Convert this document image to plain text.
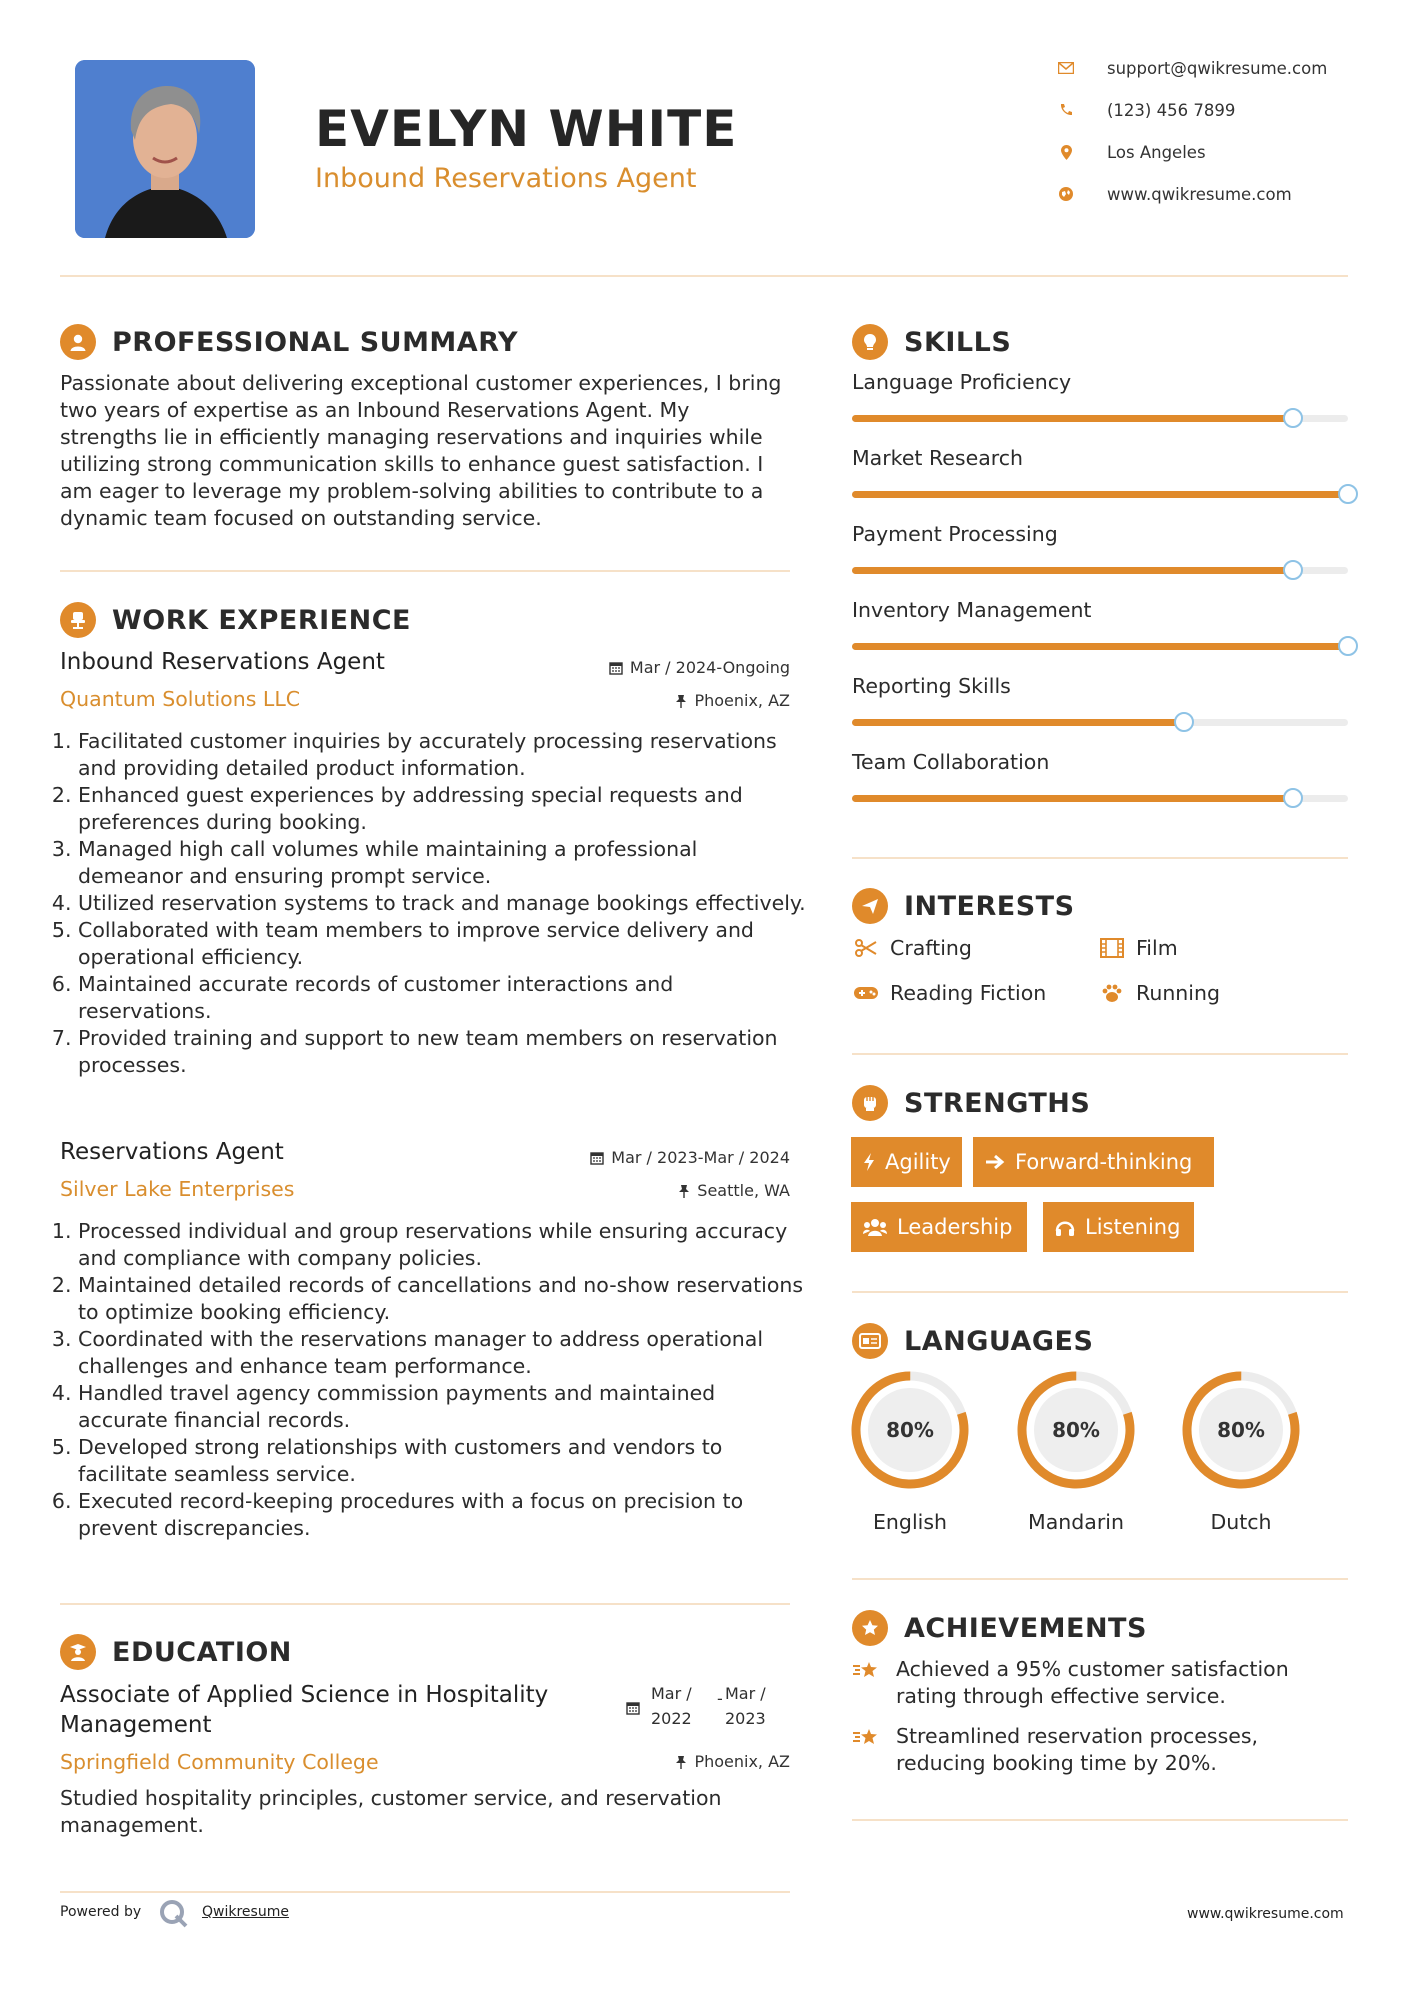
EVELYN WHITE
Inbound Reservations Agent
support@qwikresume.com
(123) 456 7899
Los Angeles
www.qwikresume.com
PROFESSIONAL SUMMARY
Passionate about delivering exceptional customer experiences, I bring two years of expertise as an Inbound Reservations Agent. My strengths lie in efficiently managing reservations and inquiries while utilizing strong communication skills to enhance guest satisfaction. I am eager to leverage my problem-solving abilities to contribute to a dynamic team focused on outstanding service.
WORK EXPERIENCE
Inbound Reservations Agent	Mar / 2024-Ongoing
Quantum Solutions LLC	Phoenix, AZ
1. Facilitated customer inquiries by accurately processing reservations and providing detailed product information.
2. Enhanced guest experiences by addressing special requests and preferences during booking.
3. Managed high call volumes while maintaining a professional demeanor and ensuring prompt service.
4. Utilized reservation systems to track and manage bookings effectively.
5. Collaborated with team members to improve service delivery and operational efficiency.
6. Maintained accurate records of customer interactions and reservations.
7. Provided training and support to new team members on reservation processes.
Reservations Agent	Mar / 2023-Mar / 2024
Silver Lake Enterprises	Seattle, WA
1. Processed individual and group reservations while ensuring accuracy and compliance with company policies.
2. Maintained detailed records of cancellations and no-show reservations to optimize booking efficiency.
3. Coordinated with the reservations manager to address operational challenges and enhance team performance.
4. Handled travel agency commission payments and maintained accurate financial records.
5. Developed strong relationships with customers and vendors to facilitate seamless service.
6. Executed record-keeping procedures with a focus on precision to prevent discrepancies.
EDUCATION
Associate of Applied Science in Hospitality Management
Mar /
2022
- Mar /
2023
Springfield Community College	Phoenix, AZ
Studied hospitality principles, customer service, and reservation management.
SKILLS
Language Proficiency
Market Research
Payment Processing
Inventory Management
Reporting Skills
Team Collaboration
INTERESTS
Crafting	Film
Reading Fiction	Running
STRENGTHS
Agility	Forward-thinking
Leadership	Listening
LANGUAGES
80%
English
80%
Mandarin
80%
Dutch
ACHIEVEMENTS
Achieved a 95% customer satisfaction rating through effective service.
Streamlined reservation processes, reducing booking time by 20%.
Powered by	Qwikresume	www.qwikresume.com
